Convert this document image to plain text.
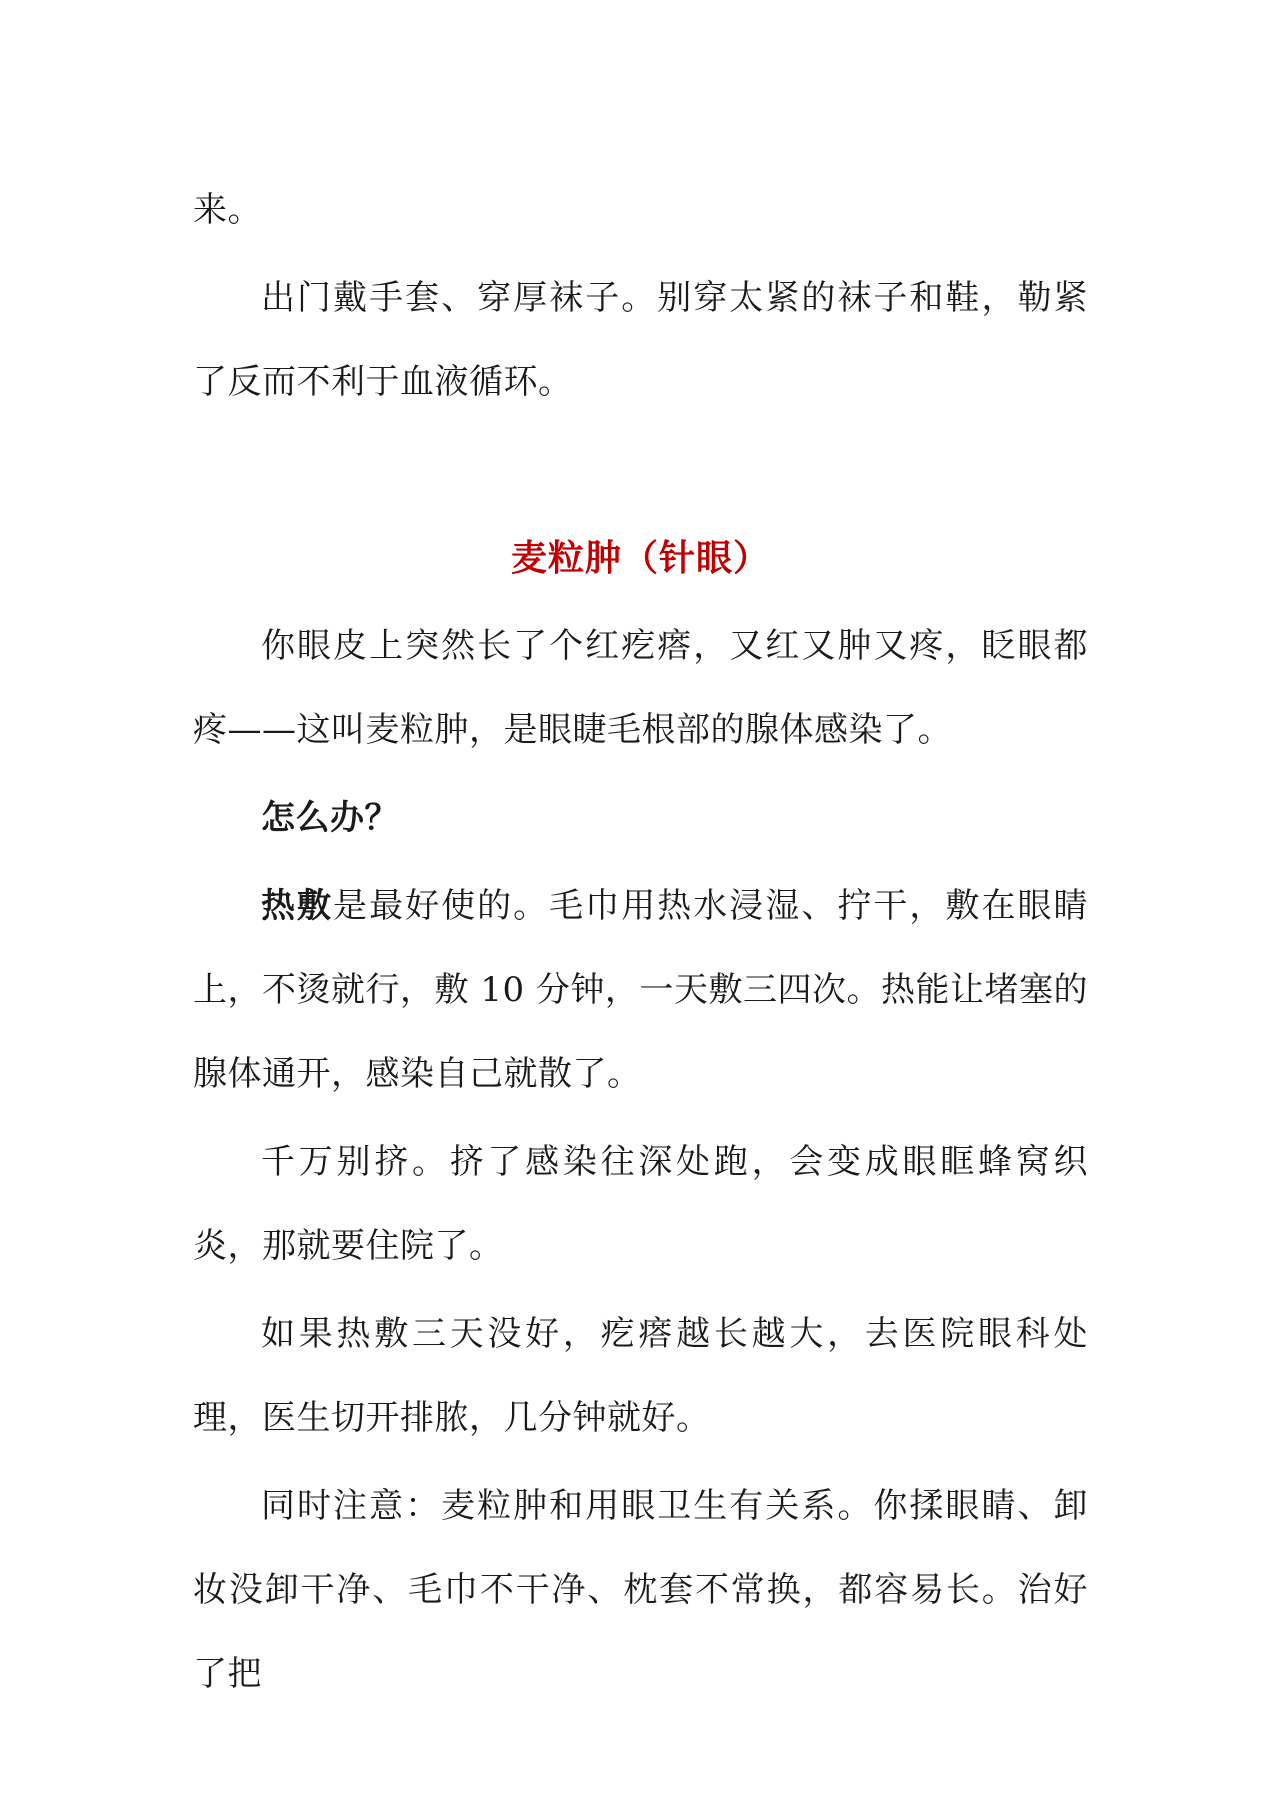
来。

出门戴手套、穿厚袜子。别穿太紧的袜子和鞋，勒紧了反而不利于血液循环。

麦粒肿（针眼）

你眼皮上突然长了个红疙瘩，又红又肿又疼，眨眼都疼——这叫麦粒肿，是眼睫毛根部的腺体感染了。

怎么办？

热敷是最好使的。毛巾用热水浸湿、拧干，敷在眼睛上，不烫就行，敷 10 分钟，一天敷三四次。热能让堵塞的腺体通开，感染自己就散了。

千万别挤。挤了感染往深处跑，会变成眼眶蜂窝织炎，那就要住院了。

如果热敷三天没好，疙瘩越长越大，去医院眼科处理，医生切开排脓，几分钟就好。

同时注意：麦粒肿和用眼卫生有关系。你揉眼睛、卸妆没卸干净、毛巾不干净、枕套不常换，都容易长。治好了把
